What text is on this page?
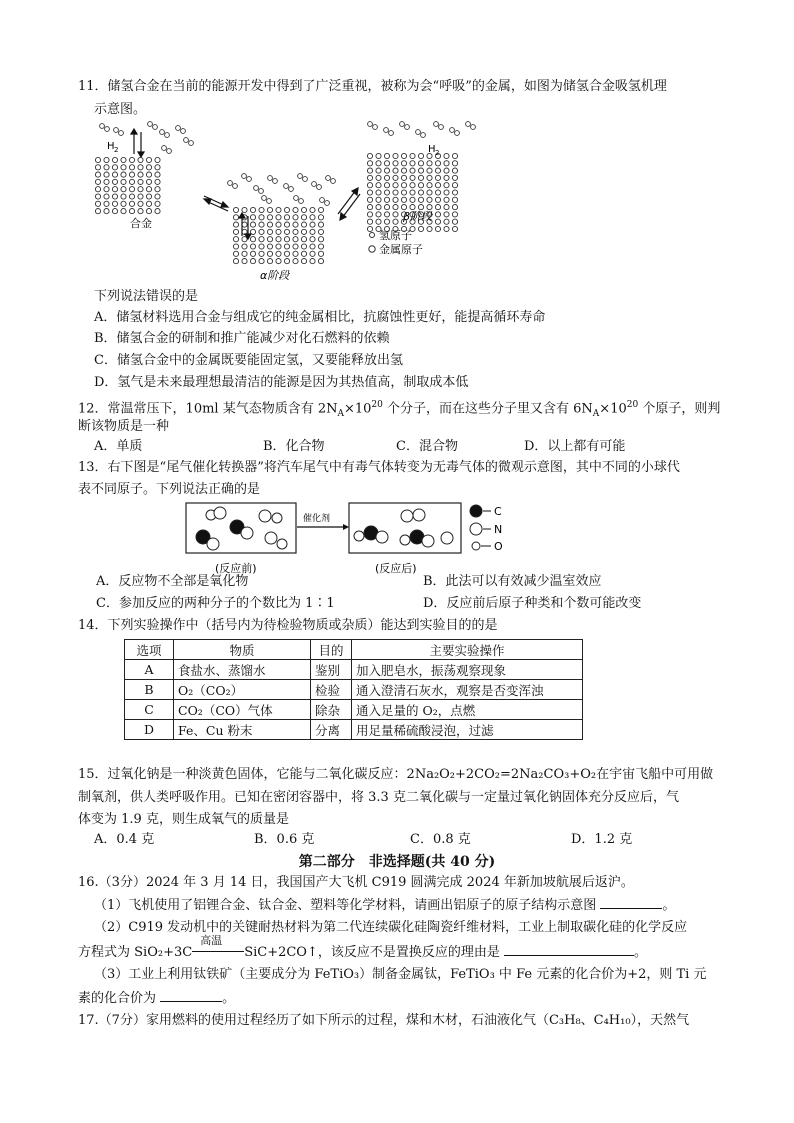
11．储氢合金在当前的能源开发中得到了广泛重视，被称为会“呼吸”的金属，如图为储氢合金吸氢机理
示意图。
H 2
合金
H 2
β阶段
α阶段
氢原子
金属原子
下列说法错误的是
A．储氢材料选用合金与组成它的纯金属相比，抗腐蚀性更好，能提高循环寿命
B．储氢合金的研制和推广能减少对化石燃料的依赖
C．储氢合金中的金属既要能固定氢，又要能释放出氢
D．氢气是未来最理想最清洁的能源是因为其热值高，制取成本低
12．常温常压下，10ml 某气态物质含有 $2N_A\times 10^{20}$ 个分子，而在这些分子里又含有 $6N_A\times 10^{20}$ 个原子，则判
断该物质是一种
A．单质	B．化合物	C．混合物	D．以上都有可能
13．右下图是“尾气催化转换器”将汽车尾气中有毒气体转变为无毒气体的微观示意图，其中不同的小球代
表不同原子。下列说法正确的是
催化剂
C
N
O
(反应前)	(反应后)
A．反应物不全部是氧化物	B．此法可以有效减少温室效应
C．参加反应的两种分子的个数比为 1∶1	D．反应前后原子种类和个数可能改变
14．下列实验操作中（括号内为待检验物质或杂质）能达到实验目的的是
选项	物质	目的	主要实验操作
A	食盐水、蒸馏水	鉴别	加入肥皂水，振荡观察现象
B	O₂（CO₂）	检验	通入澄清石灰水，观察是否变浑浊
C	CO₂（CO）气体	除杂	通入足量的 O₂，点燃
D	Fe、Cu 粉末	分离	用足量稀硫酸浸泡，过滤
15．过氧化钠是一种淡黄色固体，它能与二氧化碳反应：2Na₂O₂+2CO₂=2Na₂CO₃+O₂在宇宙飞船中可用做
制氧剂，供人类呼吸作用。已知在密闭容器中，将 3.3 克二氧化碳与一定量过氧化钠固体充分反应后，气
体变为 1.9 克，则生成氧气的质量是
A．0.4 克	B．0.6 克	C．0.8 克	D．1.2 克
第二部分　非选择题(共 40 分)
16.（3分）2024 年 3 月 14 日，我国国产大飞机 C919 圆满完成 2024 年新加坡航展后返沪。
（1）飞机使用了铝锂合金、钛合金、塑料等化学材料，请画出铝原子的原子结构示意图	。
（2）C919 发动机中的关键耐热材料为第二代连续碳化硅陶瓷纤维材料，工业上制取碳化硅的化学反应
方程式为 SiO₂+3C
高温
SiC+2CO↑，该反应不是置换反应的理由是	。
（3）工业上利用钛铁矿（主要成分为 FeTiO₃）制备金属钛，FeTiO₃ 中 Fe 元素的化合价为+2，则 Ti 元
素的化合价为	。
17.（7分）家用燃料的使用过程经历了如下所示的过程，煤和木材，石油液化气（C₃H₈、C₄H₁₀），天然气
